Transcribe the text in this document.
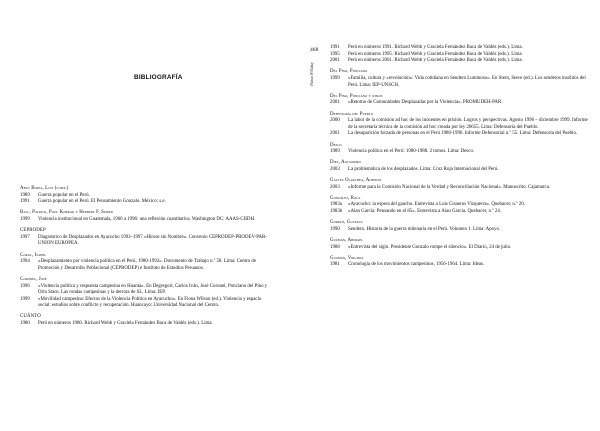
BIBLIOGRAFÍA
Abut Borja, Luis (comp.)
1989	Guerra popular en el Perú.
1991	Guerra popular en el Perú. El Pensamiento Gonzalo. México: s.e.
Ball, Patrick, Paul Kobrak y Herbert F. Spirer
1999	Violencia institucional en Guatemala, 1960 a 1996: una reflexión cuantitativa. Washington DC: AAAS-CIIDH.
CEPRODEP
1997	Diagnóstico de Desplazados en Ayacucho 1993–1997 «Hirose sin Nombre». Convenio CEPRODEP-PRODEV-PAR-UNION EUROPEA.
Coral, Isabel
1994	«Desplazamiento por violencia política en el Perú, 1980-1992». Documento de Trabajo n.º 58. Lima: Centro de Promoción y Desarrollo Poblacional (CEPRODEP) e Instituto de Estudios Peruanos.
Coronel, José
1996	«Violencia política y respuesta campesina en Huanta». En Degregori, Carlos Iván, José Coronel, Ponciano del Pino y Orin Starn. Las rondas campesinas y la derrota de SL. Lima: IEP.
1999	«Movilidad campesina: Efectos de la Violencia Política en Ayacucho». En Fiona Wilson (ed.). Violencia y espacio social: estudios sobre conflicto y recuperación. Huancayo: Universidad Nacional del Centro.
CUÁNTO
1980	Perú en números 1980. Richard Webb y Graciela Fernández Baca de Valdéz (eds.). Lima.
468
Hatun Willakuy
1991	Perú en números 1991. Richard Webb y Graciela Fernández Baca de Valdéz (eds.). Lima.
1995	Perú en números 1995. Richard Webb y Graciela Fernández Baca de Valdéz (eds.). Lima.
2001	Perú en números 2001. Richard Webb y Graciela Fernández Baca de Valdéz (eds.). Lima.
Del Pino, Ponciano
1999	«Familia, cultura y «revolución»: Vida cotidiana en Sendero Luminoso». En Stern, Steve (ed.). Los senderos insólitos del Perú. Lima: IEP-UNSCH.
Del Pino, Ponciano y otros
2001	«Retorno de Comunidades Desplazadas por la Violencia». PROMUDEH-PAR.
Defensoría del Pueblo
2000	La labor de la comisión ad hoc de los inocentes en prisión. Logros y perspectivas. Agosto 1996 – diciembre 1999. Informe de la secretaría técnica de la comisión ad hoc creada por ley 26655. Lima: Defensoría del Pueblo.
2001	La desaparición forzada de personas en el Perú 1980-1996. Informe Defensorial n.º 55. Lima: Defensoría del Pueblo.
Desco
1989	Violencia política en el Perú: 1980-1988. 2 tomos. Lima: Desco.
Diez, Alejandro
2003	La problemática de los desplazados. Lima: Cruz Roja Internacional del Perú.
Gálvez Olaechea, Alberto
2003	«Informe para la Comisión Nacional de la Verdad y Reconciliación Nacional». Manuscrito. Cajamarca.
González, Raúl
1983a	«Ayacucho: la espera del gaucho. Entrevista a Luis Cisneros Vizquerra». Quehacer, n.º 20.
1983b	«Alan García: Pensando en el 85». Entrevista a Alan García. Quehacer, n.º 24.
Gorriti, Gustavo
1990	Sendero. Historia de la guerra milenaria en el Perú. Volumen 1. Lima: Apoyo.
Guzmán, Abimael
1988	«Entrevista del siglo. Presidente Gonzalo rompe el silencio». El Diario, 24 de julio.
Guzmán, Virginia
1981	Cronología de los movimientos campesinos, 1956-1964. Lima: Ideas.
